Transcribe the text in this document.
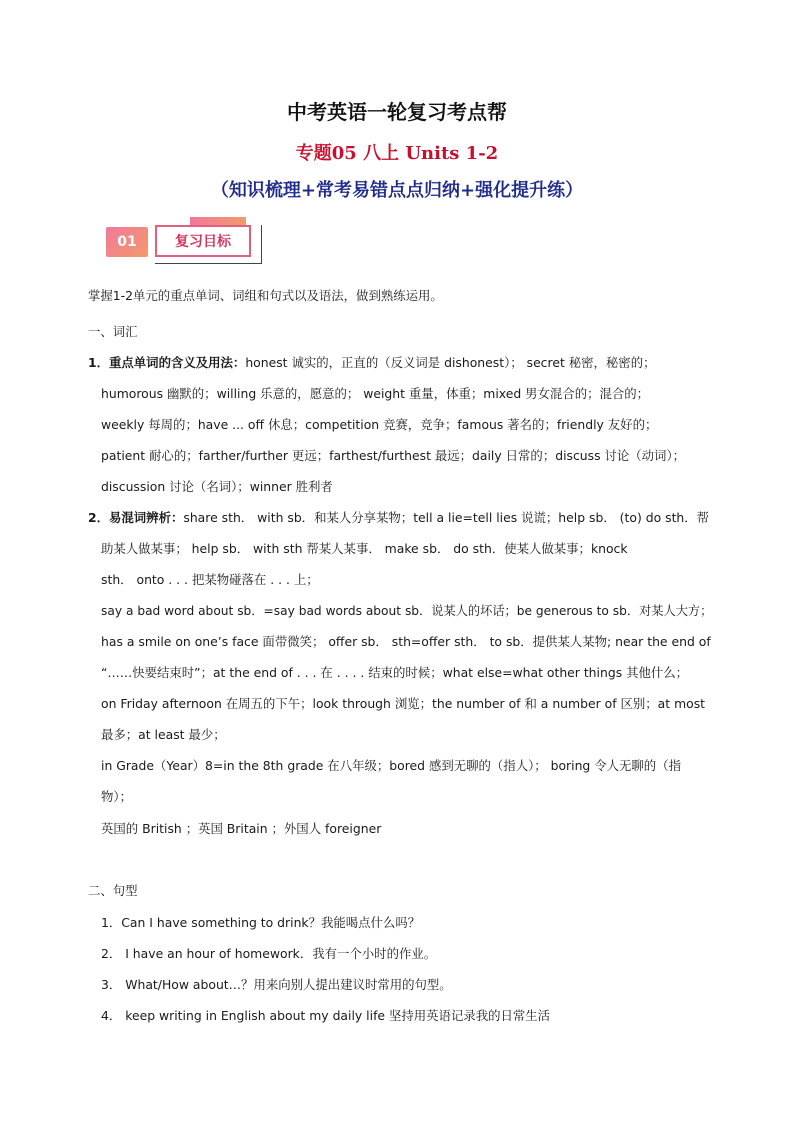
中考英语一轮复习考点帮
专题05 八上 Units 1-2
（知识梳理+常考易错点点归纳+强化提升练）
01	复习目标
掌握1-2单元的重点单词、词组和句式以及语法，做到熟练运用。
一、词汇
1．重点单词的含义及用法：honest 诚实的，正直的（反义词是 dishonest）； secret 秘密，秘密的；
humorous 幽默的；willing 乐意的，愿意的； weight 重量，体重；mixed 男女混合的；混合的；
weekly 每周的；have ... off 休息；competition 竞赛，竞争；famous 著名的；friendly 友好的；
patient 耐心的；farther/further 更远；farthest/furthest 最远；daily 日常的；discuss 讨论（动词）；
discussion 讨论（名词）；winner 胜利者
2．易混词辨析：share sth． with sb．和某人分享某物；tell a lie=tell lies 说谎；help sb． (to) do sth．帮
助某人做某事； help sb． with sth 帮某人某事． make sb． do sth．使某人做某事；knock
sth． onto . . . 把某物碰落在 . . . 上；
say a bad word about sb．=say bad words about sb．说某人的坏话；be generous to sb．对某人大方；
has a smile on one’s face 面带微笑； offer sb． sth=offer sth． to sb．提供某人某物; near the end of
“……快要结束时”；at the end of . . . 在 . . . . 结束的时候；what else=what other things 其他什么；
on Friday afternoon 在周五的下午；look through 浏览；the number of 和 a number of 区别；at most
最多；at least 最少；
in Grade（Year）8=in the 8th grade 在八年级；bored 感到无聊的（指人）； boring 令人无聊的（指
物）；
英国的 British ；英国 Britain ；外国人 foreigner
二、句型
1．Can I have something to drink？我能喝点什么吗？
2． I have an hour of homework．我有一个小时的作业。
3． What/How about…？用来向别人提出建议时常用的句型。
4． keep writing in English about my daily life 坚持用英语记录我的日常生活
